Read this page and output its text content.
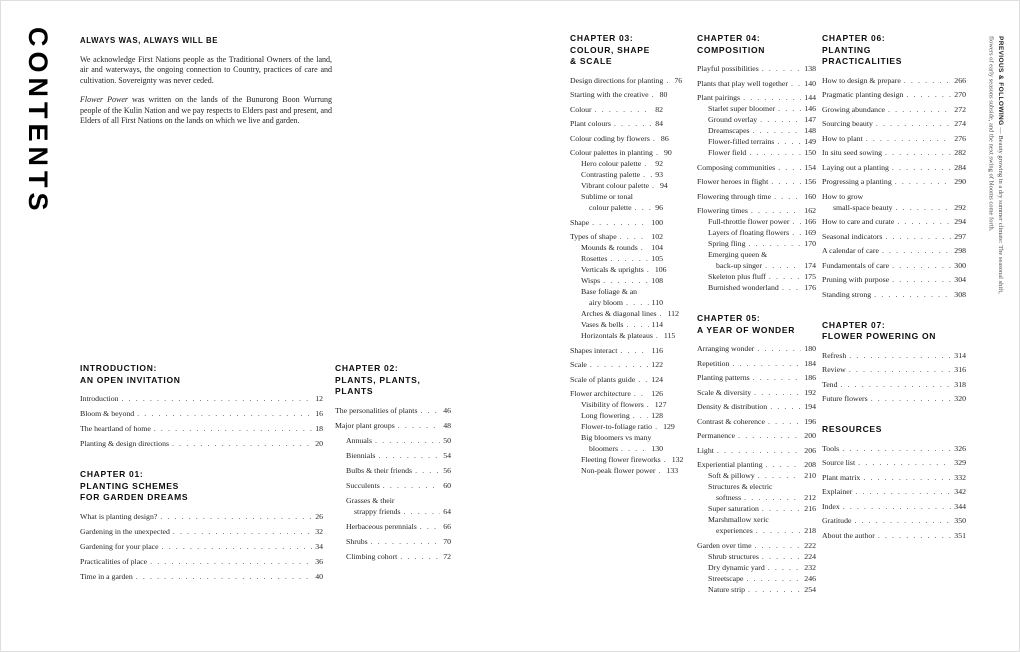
CONTENTS	ALWAYS WAS, ALWAYS WILL BE

We acknowledge First Nations people as the Traditional Owners of the land, air and waterways, the ongoing connection to Country, practices of care and cultivation. Sovereignty was never ceded.

Flower Power was written on the lands of the Bunurong Boon Wurrung people of the Kulin Nation and we pay respects to Elders past and present, and Elders of all First Nations on the lands on which we live and garden.

INTRODUCTION:
AN OPEN INVITATION
Introduction . . .	12
Bloom & beyond . . .	16
The heartland of home . . .	18
Planting & design directions . . .	20
CHAPTER 01:
PLANTING SCHEMES
FOR GARDEN DREAMS
What is planting design? . . .	26
Gardening in the unexpected . . .	32
Gardening for your place . . .	34
Practicalities of place . . .	36
Time in a garden . . .	40
CHAPTER 02:
PLANTS, PLANTS, PLANTS
The personalities of plants . . .	46
Major plant groups . . .	48
Annuals . . .	50
Biennials . . .	54
Bulbs & their friends . . .	56
Succulents . . .	60
Grasses & their
strappy friends . . .	64
Herbaceous perennials . . .	66
Shrubs . . .	70
Climbing cohort . . .	72
CHAPTER 03:
COLOUR, SHAPE
& SCALE
Design directions for planting . . . 76
Starting with the creative . . . 80
Colour . . .	82
Plant colours . . .	84
Colour coding by flowers . . . 86
Colour palettes in planting . . . 90
Hero colour palette . . . 92
Contrasting palette . . . 93
Vibrant colour palette . . . 94
Sublime or tonal
colour palette . . .	96
Shape . . .	100
Types of shape . . .	102
Mounds & rounds . . . 104
Rosettes . . .	105
Verticals & uprights . . . 106
Wisps . . .	108
Base foliage & an
airy bloom . . .	110
Arches & diagonal lines . . . 112
Vases & bells . . .	114
Horizontals & plateaus . . . 115
Shapes interact . . .	116
Scale . . .	122
Scale of plants guide . . . 124
Flower architecture . . .	126
Visibility of flowers . . . 127
Long flowering . . .	128
Flower-to-foliage ratio . . . 129
Big bloomers vs many
bloomers . . .	130
Fleeting flower fireworks . . . 132
Non-peak flower power . . . 133
CHAPTER 04:
COMPOSITION
Playful possibilities . . .	138
Plants that play well together . . . 140
Plant pairings . . .	144
Starlet super bloomer . . .	146
Ground overlay . . .	147
Dreamscapes . . .	148
Flower-filled terrains . . .	149
Flower field . . .	150
Composing communities . . .	154
Flower heroes in flight . . .	156
Flowering through time . . .	160
Flowering times . . .	162
Full-throttle flower power . . . 166
Layers of floating flowers . . . 169
Spring fling . . .	170
Emerging queen &
back-up singer . . .	174
Skeleton plus fluff . . .	175
Burnished wonderland . . .	176
CHAPTER 05:
A YEAR OF WONDER
Arranging wonder . . .	180
Repetition . . .	184
Planting patterns . . .	186
Scale & diversity . . .	192
Density & distribution . . .	194
Contrast & coherence . . .	196
Permanence . . .	200
Light . . .	206
Experiential planting . . .	208
Soft & pillowy . . .	210
Structures & electric
softness . . .	212
Super saturation . . .	216
Marshmallow xeric
experiences . . .	218
Garden over time . . .	222
Shrub structures . . .	224
Dry dynamic yard . . .	232
Streetscape . . .	246
Nature strip . . .	254
CHAPTER 06:
PLANTING
PRACTICALITIES
How to design & prepare . . .	266
Pragmatic planting design . . .	270
Growing abundance . . .	272
Sourcing beauty . . .	274
How to plant . . .	276
In situ seed sowing . . .	282
Laying out a planting . . .	284
Progressing a planting . . .	290
How to grow
small-space beauty . . .	292
How to care and curate . . .	294
Seasonal indicators . . .	297
A calendar of care . . .	298
Fundamentals of care . . .	300
Pruning with purpose . . .	304
Standing strong . . .	308
CHAPTER 07:
FLOWER POWERING ON
Refresh . . .	314
Review . . .	316
Tend . . .	318
Future flowers . . .	320
RESOURCES
Tools . . .	326
Source list . . .	329
Plant matrix . . .	332
Explainer . . .	342
Index . . .	344
Gratitude . . .	350
About the author . . .	351
PREVIOUS & FOLLOWING — Beauty growing in a dry summer climate: The seasonal shift,
flowers of early seasons subside, and the next swing of blooms come forth.
